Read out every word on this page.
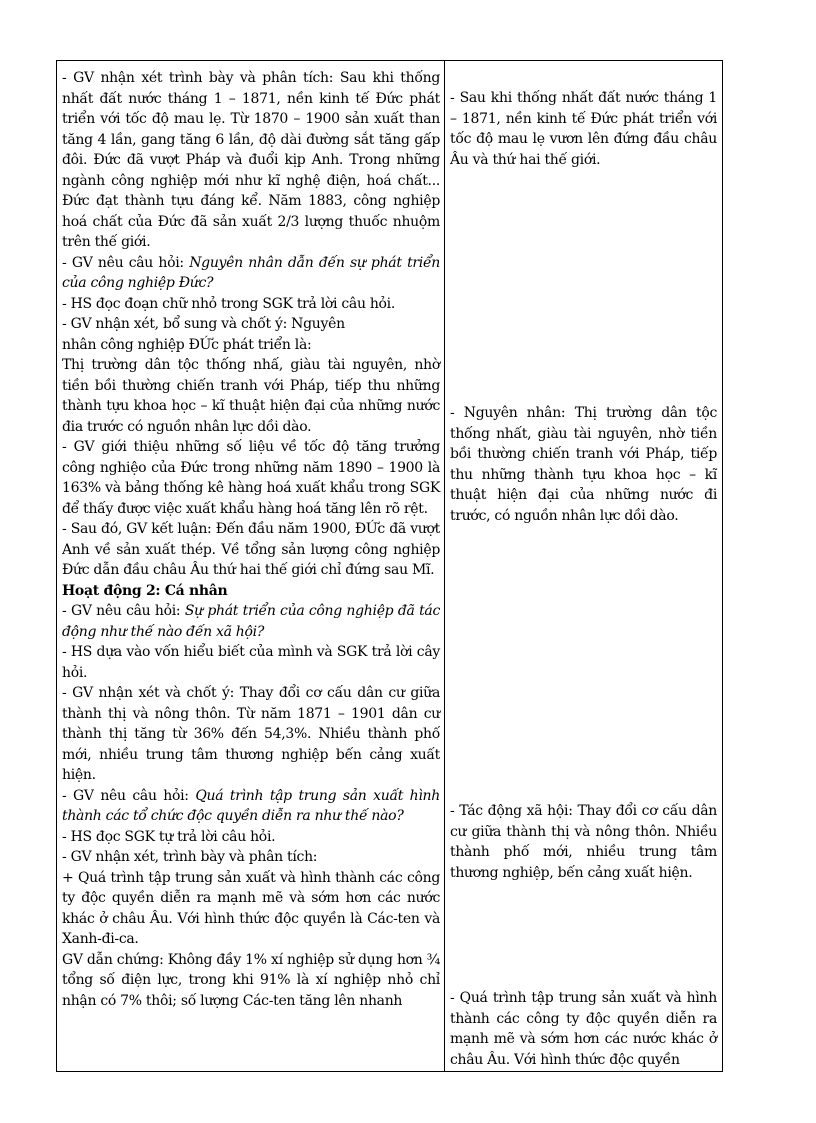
- GV nhận xét trình bày và phân tích: Sau khi thống nhất đất nước tháng 1 – 1871, nền kinh tế Đức phát triển với tốc độ mau lẹ. Từ 1870 – 1900 sản xuất than tăng 4 lần, gang tăng 6 lần, độ dài đường sắt tăng gấp đôi. Đức đã vượt Pháp và đuổi kịp Anh. Trong những ngành công nghiệp mới như kĩ nghệ điện, hoá chất... Đức đạt thành tựu đáng kể. Năm 1883, công nghiệp hoá chất của Đức đã sản xuất 2/3 lượng thuốc nhuộm trên thế giới.

- GV nêu câu hỏi: Nguyên nhân dẫn đến sự phát triển của công nghiệp Đức?

- HS đọc đoạn chữ nhỏ trong SGK trả lời câu hỏi.

- GV nhận xét, bổ sung và chốt ý: Nguyên

nhân công nghiệp ĐỨc phát triển là:

Thị trường dân tộc thống nhấ, giàu tài nguyên, nhờ tiền bồi thường chiến tranh với Pháp, tiếp thu những thành tựu khoa học – kĩ thuật hiện đại của những nước đia trước có nguồn nhân lực dồi dào.

- GV giới thiệu những số liệu về tốc độ tăng trưởng công nghiệo của Đức trong những năm 1890 – 1900 là 163% và bảng thống kê hàng hoá xuất khẩu trong SGK để thấy được việc xuất khẩu hàng hoá tăng lên rõ rệt.

- Sau đó, GV kết luận: Đến đầu năm 1900, ĐỨc đã vượt Anh về sản xuất thép. Về tổng sản lượng công nghiệp Đức dẫn đầu châu Âu thứ hai thế giới chỉ đứng sau Mĩ.

Hoạt động 2: Cá nhân

- GV nêu câu hỏi: Sự phát triển của công nghiệp đã tác động như thế nào đến xã hội?

- HS dựa vào vốn hiểu biết của mình và SGK trả lời cây hỏi.

- GV nhận xét và chốt ý: Thay đổi cơ cấu dân cư giữa thành thị và nông thôn. Từ năm 1871 – 1901 dân cư thành thị tăng từ 36% đến 54,3%. Nhiều thành phố mới, nhiều trung tâm thương nghiệp bến cảng xuất hiện.

- GV nêu câu hỏi: Quá trình tập trung sản xuất hình thành các tổ chức độc quyền diễn ra như thế nào?

- HS đọc SGK tự trả lời câu hỏi.

- GV nhận xét, trình bày và phân tích:

+ Quá trình tập trung sản xuất và hình thành các công ty độc quyền diễn ra mạnh mẽ và sớm hơn các nước khác ở châu Âu. Với hình thức độc quyền là Các-ten và Xanh-đi-ca.

GV dẫn chứng: Không đầy 1% xí nghiệp sử dụng hơn ¾ tổng số điện lực, trong khi 91% là xí nghiệp nhỏ chỉ nhận có 7% thôi; số lượng Các-ten tăng lên nhanh

- Sau khi thống nhất đất nước tháng 1 – 1871, nền kinh tế Đức phát triển với tốc độ mau lẹ vươn lên đứng đầu châu Âu và thứ hai thế giới.

- Nguyên nhân: Thị trường dân tộc thống nhất, giàu tài nguyên, nhờ tiền bồi thường chiến tranh với Pháp, tiếp thu những thành tựu khoa học – kĩ thuật hiện đại của những nước đi trước, có nguồn nhân lực dồi dào.

- Tác động xã hội: Thay đổi cơ cấu dân cư giữa thành thị và nông thôn. Nhiều thành phố mới, nhiều trung tâm thương nghiệp, bến cảng xuất hiện.

- Quá trình tập trung sản xuất và hình thành các công ty độc quyền diễn ra mạnh mẽ và sớm hơn các nước khác ở châu Âu. Với hình thức độc quyền
